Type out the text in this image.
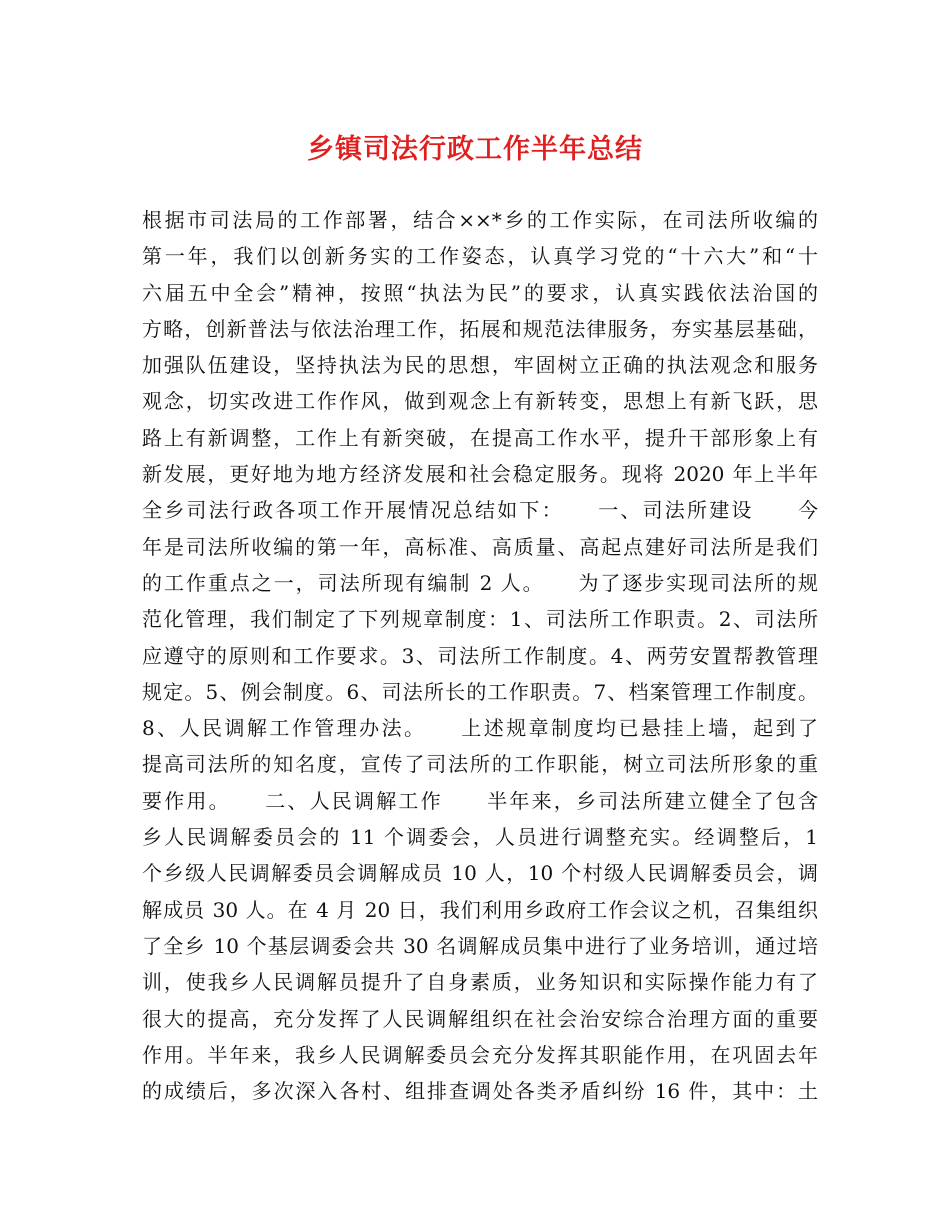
乡镇司法行政工作半年总结
根据市司法局的工作部署，结合××*乡的工作实际，在司法所收编的
第一年，我们以创新务实的工作姿态，认真学习党的“十六大”和“十
六届五中全会”精神，按照“执法为民”的要求，认真实践依法治国的
方略，创新普法与依法治理工作，拓展和规范法律服务，夯实基层基础，
加强队伍建设，坚持执法为民的思想，牢固树立正确的执法观念和服务
观念，切实改进工作作风，做到观念上有新转变，思想上有新飞跃，思
路上有新调整，工作上有新突破，在提高工作水平，提升干部形象上有
新发展，更好地为地方经济发展和社会稳定服务。现将 2020 年上半年
全乡司法行政各项工作开展情况总结如下：　　一、司法所建设　　今
年是司法所收编的第一年，高标准、高质量、高起点建好司法所是我们
的工作重点之一，司法所现有编制 2 人。　　为了逐步实现司法所的规
范化管理，我们制定了下列规章制度：1、司法所工作职责。2、司法所
应遵守的原则和工作要求。3、司法所工作制度。4、两劳安置帮教管理
规定。5、例会制度。6、司法所长的工作职责。7、档案管理工作制度。
8、人民调解工作管理办法。　　上述规章制度均已悬挂上墙，起到了
提高司法所的知名度，宣传了司法所的工作职能，树立司法所形象的重
要作用。　　二、人民调解工作　　半年来，乡司法所建立健全了包含
乡人民调解委员会的 11 个调委会，人员进行调整充实。经调整后，1
个乡级人民调解委员会调解成员 10 人，10 个村级人民调解委员会，调
解成员 30 人。在 4 月 20 日，我们利用乡政府工作会议之机，召集组织
了全乡 10 个基层调委会共 30 名调解成员集中进行了业务培训，通过培
训，使我乡人民调解员提升了自身素质，业务知识和实际操作能力有了
很大的提高，充分发挥了人民调解组织在社会治安综合治理方面的重要
作用。半年来，我乡人民调解委员会充分发挥其职能作用，在巩固去年
的成绩后，多次深入各村、组排查调处各类矛盾纠纷 16 件，其中：土
